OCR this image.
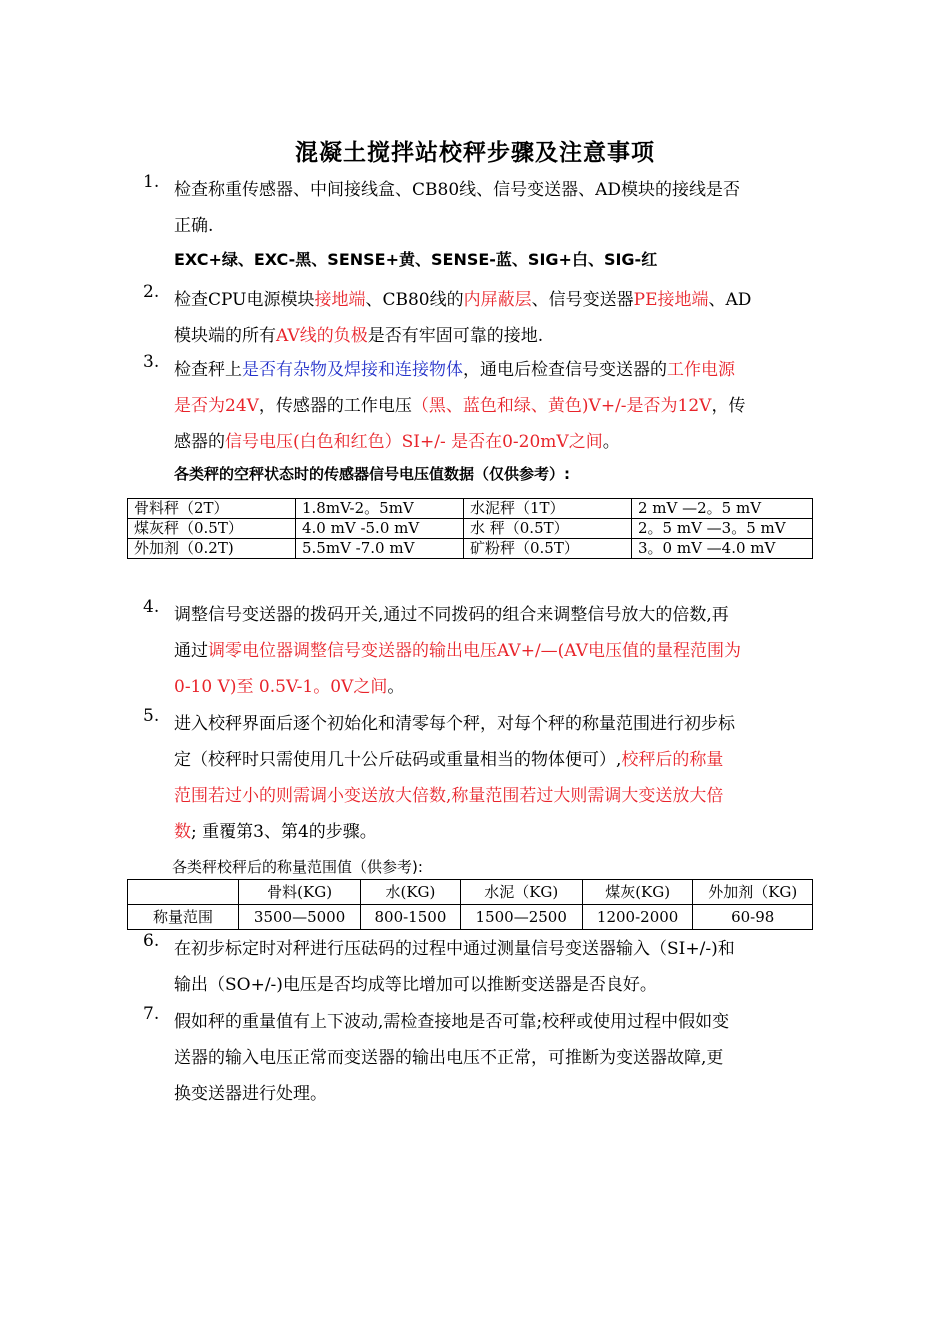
混凝土搅拌站校秤步骤及注意事项
1. 检查称重传感器、中间接线盒、CB80线、信号变送器、AD模块的接线是否
正确.
EXC+绿、EXC-黑、SENSE+黄、SENSE-蓝、SIG+白、SIG-红
2. 检查CPU电源模块接地端、CB80线的内屏蔽层、信号变送器PE接地端、AD
模块端的所有AV线的负极是否有牢固可靠的接地.
3. 检查秤上是否有杂物及焊接和连接物体，通电后检查信号变送器的工作电源
是否为24V，传感器的工作电压（黑、蓝色和绿、黄色)V+/-是否为12V，传
感器的信号电压(白色和红色）SI+/- 是否在0-20mV之间。
各类秤的空秤状态时的传感器信号电压值数据（仅供参考）:
骨料秤（2T）	1.8mV-2。5mV	水泥秤（1T）	2 mV —2。5 mV
煤灰秤（0.5T）	4.0 mV -5.0 mV	水 秤（0.5T）	2。5 mV —3。5 mV
外加剂（0.2T)	5.5mV -7.0 mV	矿粉秤（0.5T）	3。0 mV —4.0 mV
4. 调整信号变送器的拨码开关,通过不同拨码的组合来调整信号放大的倍数,再
通过调零电位器调整信号变送器的输出电压AV+/—(AV电压值的量程范围为
0-10 V)至 0.5V-1。0V之间。
5. 进入校秤界面后逐个初始化和清零每个秤，对每个秤的称量范围进行初步标
定（校秤时只需使用几十公斤砝码或重量相当的物体便可）,校秤后的称量
范围若过小的则需调小变送放大倍数,称量范围若过大则需调大变送放大倍
数; 重覆第3、第4的步骤。
各类秤校秤后的称量范围值（供参考):
	骨料(KG)	水(KG)	水泥（KG)	煤灰(KG)	外加剂（KG)
称量范围	3500—5000	800-1500	1500—2500	1200-2000	60-98
6. 在初步标定时对秤进行压砝码的过程中通过测量信号变送器输入（SI+/-)和
输出（SO+/-)电压是否均成等比增加可以推断变送器是否良好。
7. 假如秤的重量值有上下波动,需检查接地是否可靠;校秤或使用过程中假如变
送器的输入电压正常而变送器的输出电压不正常，可推断为变送器故障,更
换变送器进行处理。
